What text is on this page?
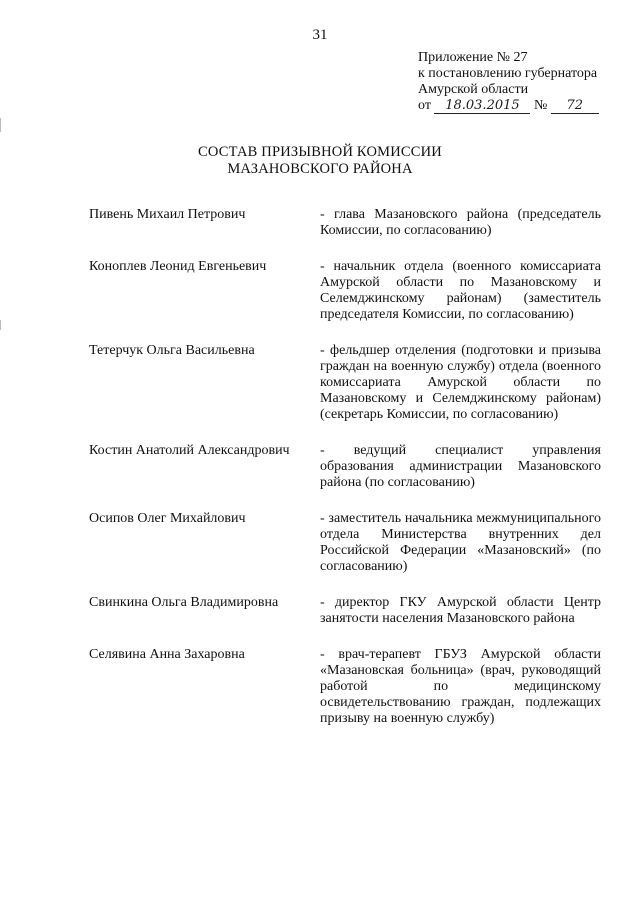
31
Приложение № 27
к постановлению губернатора
Амурской области
от 18.03.2015 № 72
СОСТАВ ПРИЗЫВНОЙ КОМИССИИ
МАЗАНОВСКОГО РАЙОНА
Пивень Михаил Петрович	- глава Мазановского района (председатель Комиссии, по согласованию)
Коноплев Леонид Евгеньевич	- начальник отдела (военного комиссариата Амурской области по Мазановскому и Селемджинскому районам) (заместитель председателя Комиссии, по согласованию)
Тетерчук Ольга Васильевна	- фельдшер отделения (подготовки и призыва граждан на военную службу) отдела (военного комиссариата Амурской области по Мазановскому и Селемджинскому районам) (секретарь Комиссии, по согласованию)
Костин Анатолий Александрович	- ведущий специалист управления образования администрации Мазановского района (по согласованию)
Осипов Олег Михайлович	- заместитель начальника межмуниципального отдела Министерства внутренних дел Российской Федерации «Мазановский» (по согласованию)
Свинкина Ольга Владимировна	- директор ГКУ Амурской области Центр занятости населения Мазановского района
Селявина Анна Захаровна	- врач-терапевт ГБУЗ Амурской области «Мазановская больница» (врач, руководящий работой по медицинскому освидетельствованию граждан, подлежащих призыву на военную службу)
